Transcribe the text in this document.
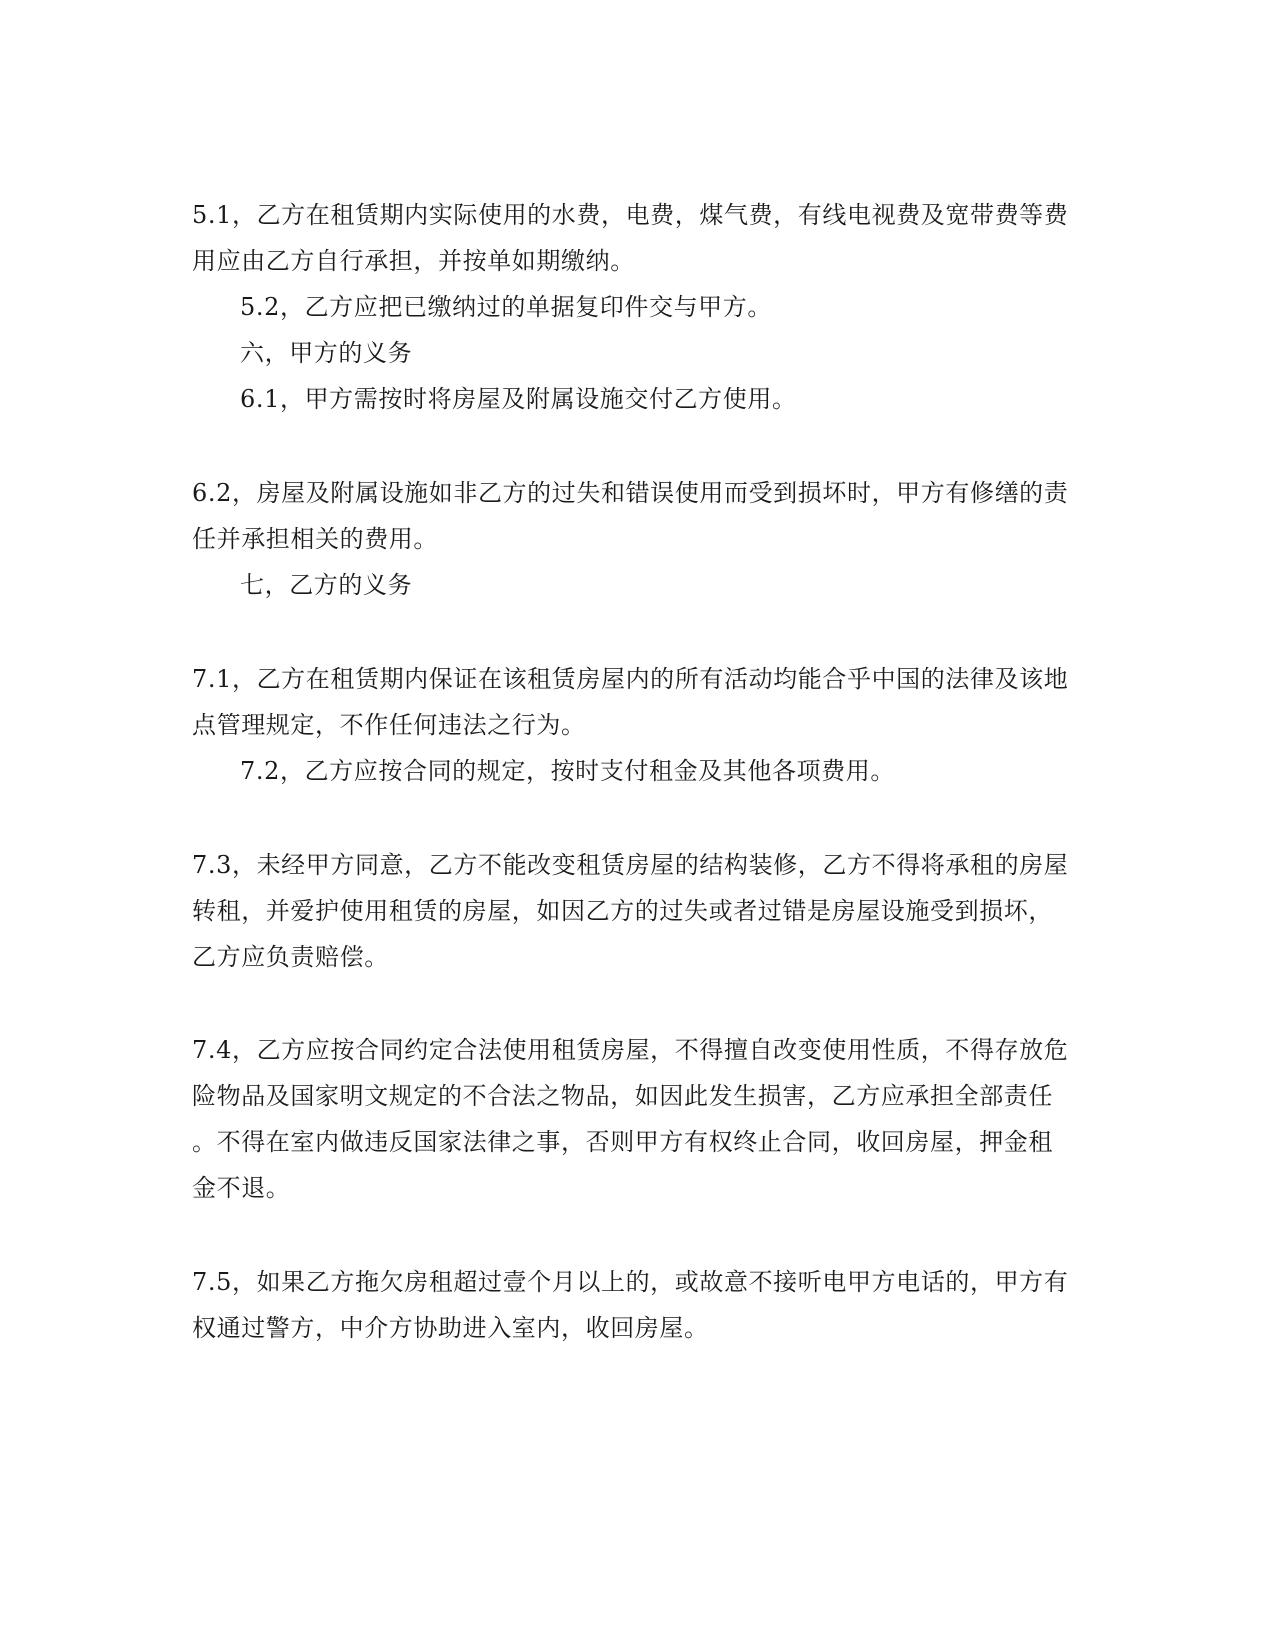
5.1，乙方在租赁期内实际使用的水费，电费，煤气费，有线电视费及宽带费等费
用应由乙方自行承担，并按单如期缴纳。
5.2，乙方应把已缴纳过的单据复印件交与甲方。
六，甲方的义务
6.1，甲方需按时将房屋及附属设施交付乙方使用。
6.2，房屋及附属设施如非乙方的过失和错误使用而受到损坏时，甲方有修缮的责
任并承担相关的费用。
七，乙方的义务
7.1，乙方在租赁期内保证在该租赁房屋内的所有活动均能合乎中国的法律及该地
点管理规定，不作任何违法之行为。
7.2，乙方应按合同的规定，按时支付租金及其他各项费用。
7.3，未经甲方同意，乙方不能改变租赁房屋的结构装修，乙方不得将承租的房屋
转租，并爱护使用租赁的房屋，如因乙方的过失或者过错是房屋设施受到损坏，
乙方应负责赔偿。
7.4，乙方应按合同约定合法使用租赁房屋，不得擅自改变使用性质，不得存放危
险物品及国家明文规定的不合法之物品，如因此发生损害，乙方应承担全部责任
。不得在室内做违反国家法律之事，否则甲方有权终止合同，收回房屋，押金租
金不退。
7.5，如果乙方拖欠房租超过壹个月以上的，或故意不接听电甲方电话的，甲方有
权通过警方，中介方协助进入室内，收回房屋。
